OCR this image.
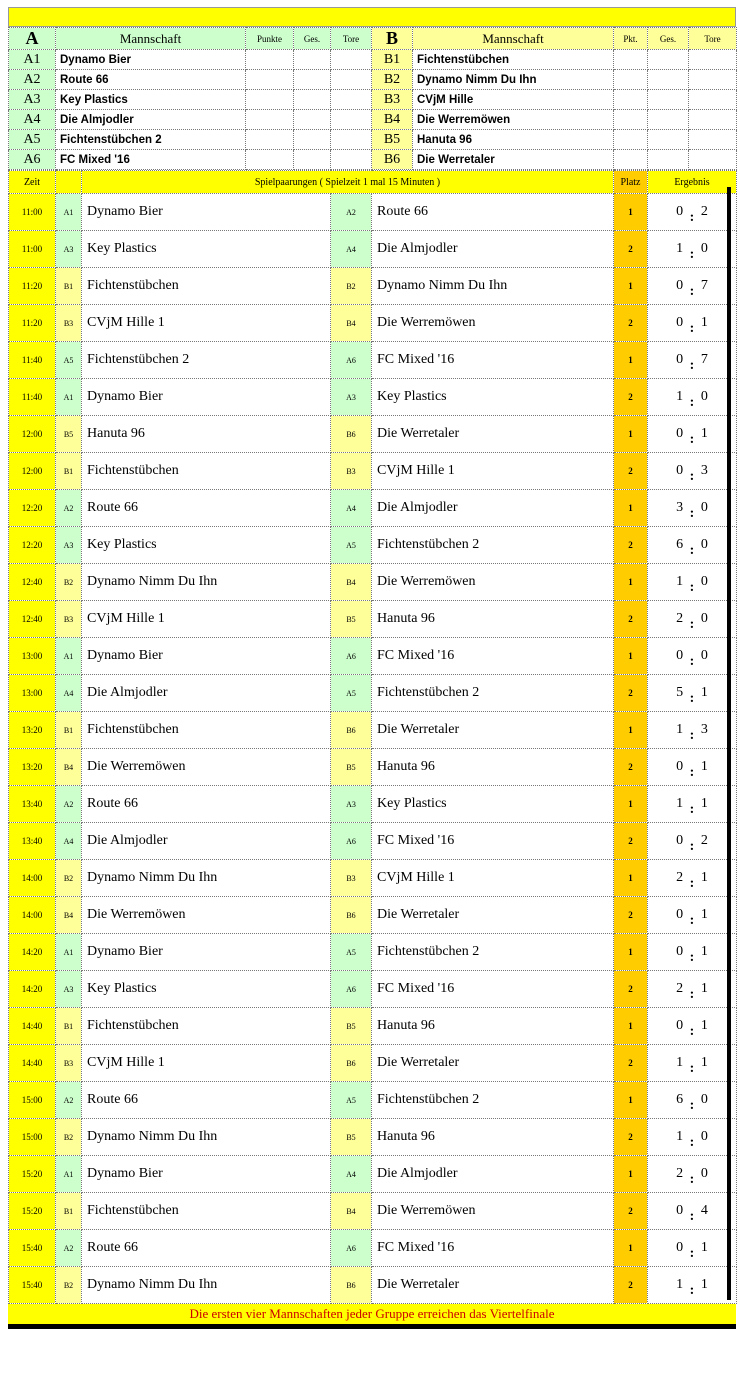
A	Mannschaft	Punkte	Ges.	Tore	B	Mannschaft	Pkt.	Ges.	Tore
A1	Dynamo Bier				B1	Fichtenstübchen			
A2	Route 66				B2	Dynamo Nimm Du Ihn			
A3	Key Plastics				B3	CVjM Hille			
A4	Die Almjodler				B4	Die Werremöwen			
A5	Fichtenstübchen 2				B5	Hanuta 96			
A6	FC Mixed '16				B6	Die Werretaler			
Zeit		Spielpaarungen ( Spielzeit 1 mal 15 Minuten )			Platz	Ergebnis
11:00	A1	Dynamo Bier	A2	Route 66	1	0 : 2
11:00	A3	Key Plastics	A4	Die Almjodler	2	1 : 0
11:20	B1	Fichtenstübchen	B2	Dynamo Nimm Du Ihn	1	0 : 7
11:20	B3	CVjM Hille 1	B4	Die Werremöwen	2	0 : 1
11:40	A5	Fichtenstübchen 2	A6	FC Mixed '16	1	0 : 7
11:40	A1	Dynamo Bier	A3	Key Plastics	2	1 : 0
12:00	B5	Hanuta 96	B6	Die Werretaler	1	0 : 1
12:00	B1	Fichtenstübchen	B3	CVjM Hille 1	2	0 : 3
12:20	A2	Route 66	A4	Die Almjodler	1	3 : 0
12:20	A3	Key Plastics	A5	Fichtenstübchen 2	2	6 : 0
12:40	B2	Dynamo Nimm Du Ihn	B4	Die Werremöwen	1	1 : 0
12:40	B3	CVjM Hille 1	B5	Hanuta 96	2	2 : 0
13:00	A1	Dynamo Bier	A6	FC Mixed '16	1	0 : 0
13:00	A4	Die Almjodler	A5	Fichtenstübchen 2	2	5 : 1
13:20	B1	Fichtenstübchen	B6	Die Werretaler	1	1 : 3
13:20	B4	Die Werremöwen	B5	Hanuta 96	2	0 : 1
13:40	A2	Route 66	A3	Key Plastics	1	1 : 1
13:40	A4	Die Almjodler	A6	FC Mixed '16	2	0 : 2
14:00	B2	Dynamo Nimm Du Ihn	B3	CVjM Hille 1	1	2 : 1
14:00	B4	Die Werremöwen	B6	Die Werretaler	2	0 : 1
14:20	A1	Dynamo Bier	A5	Fichtenstübchen 2	1	0 : 1
14:20	A3	Key Plastics	A6	FC Mixed '16	2	2 : 1
14:40	B1	Fichtenstübchen	B5	Hanuta 96	1	0 : 1
14:40	B3	CVjM Hille 1	B6	Die Werretaler	2	1 : 1
15:00	A2	Route 66	A5	Fichtenstübchen 2	1	6 : 0
15:00	B2	Dynamo Nimm Du Ihn	B5	Hanuta 96	2	1 : 0
15:20	A1	Dynamo Bier	A4	Die Almjodler	1	2 : 0
15:20	B1	Fichtenstübchen	B4	Die Werremöwen	2	0 : 4
15:40	A2	Route 66	A6	FC Mixed '16	1	0 : 1
15:40	B2	Dynamo Nimm Du Ihn	B6	Die Werretaler	2	1 : 1
Die ersten vier Mannschaften jeder Gruppe erreichen das Viertelfinale
